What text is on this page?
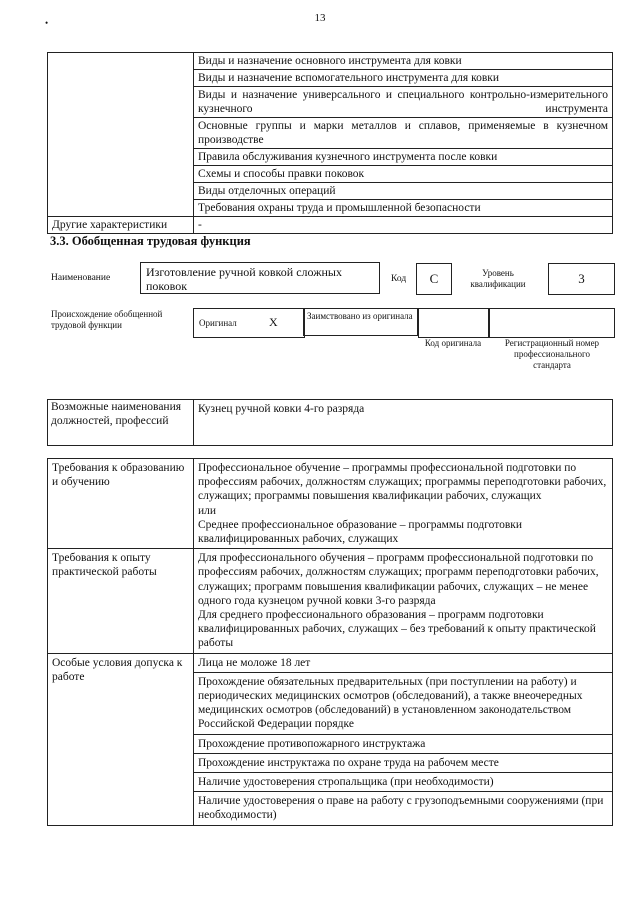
•	13
	Виды и назначение основного инструмента для ковки
	Виды и назначение вспомогательного инструмента для ковки
	Виды и назначение универсального и специального контрольно-измерительного кузнечного инструмента
	Основные группы и марки металлов и сплавов, применяемые в кузнечном производстве
	Правила обслуживания кузнечного инструмента после ковки
	Схемы и способы правки поковок
	Виды отделочных операций
	Требования охраны труда и промышленной безопасности
Другие характеристики	-
3.3. Обобщенная трудовая функция
Наименование	Изготовление ручной ковкой сложных поковок	Код	C	Уровень квалификации	3
Происхождение обобщенной трудовой функции	Оригинал	X	Заимствовано из оригинала
Код оригинала	Регистрационный номер профессионального стандарта
Возможные наименования должностей, профессий	Кузнец ручной ковки 4-го разряда
Требования к образованию и обучению	Профессиональное обучение – программы профессиональной подготовки по профессиям рабочих, должностям служащих; программы переподготовки рабочих, служащих; программы повышения квалификации рабочих, служащих
или
Среднее профессиональное образование – программы подготовки квалифицированных рабочих, служащих

Требования к опыту практической работы	Для профессионального обучения – программ профессиональной подготовки по профессиям рабочих, должностям служащих; программ переподготовки рабочих, служащих; программ повышения квалификации рабочих, служащих – не менее одного года кузнецом ручной ковки 3-го разряда
Для среднего профессионального образования – программ подготовки квалифицированных рабочих, служащих – без требований к опыту практической работы

Особые условия допуска к работе	Лица не моложе 18 лет
	Прохождение обязательных предварительных (при поступлении на работу) и периодических медицинских осмотров (обследований), а также внеочередных медицинских осмотров (обследований) в установленном законодательством Российской Федерации порядке
	Прохождение противопожарного инструктажа
	Прохождение инструктажа по охране труда на рабочем месте
	Наличие удостоверения стропальщика (при необходимости)
	Наличие удостоверения о праве на работу с грузоподъемными сооружениями (при необходимости)
